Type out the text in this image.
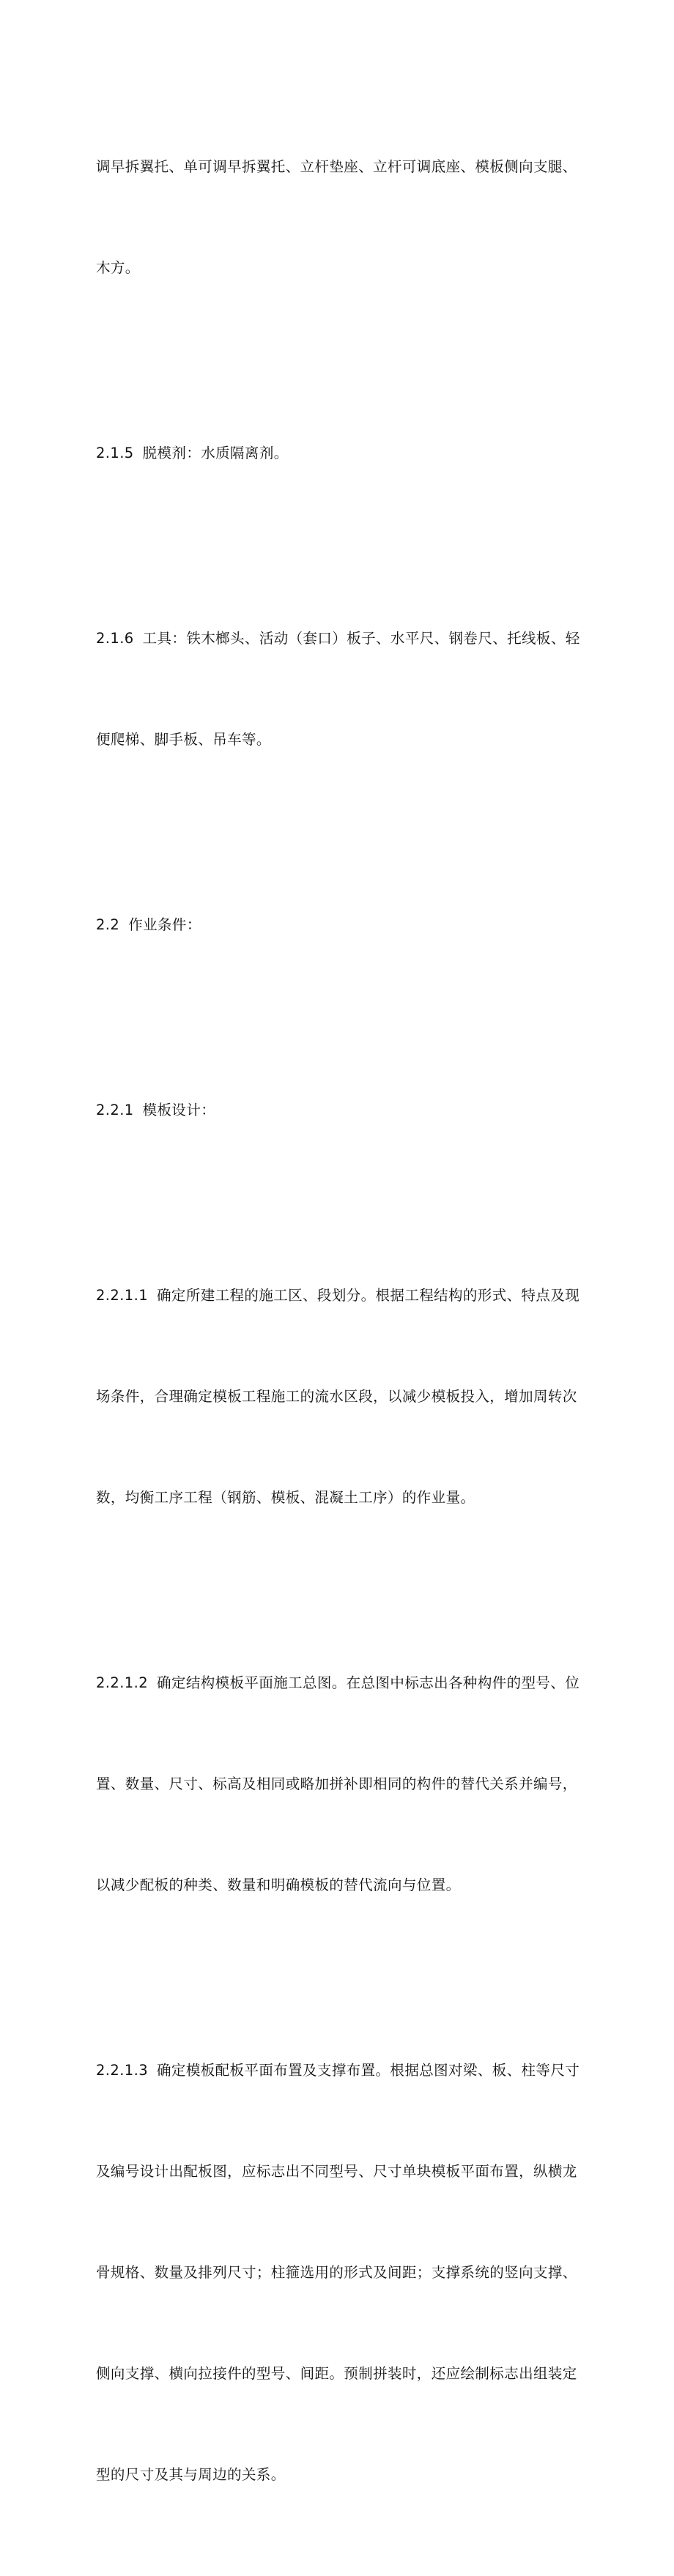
调早拆翼托、单可调早拆翼托、立杆垫座、立杆可调底座、模板侧向支腿、

木方。

2.1.5 脱模剂：水质隔离剂。

2.1.6 工具：铁木榔头、活动（套口）板子、水平尺、钢卷尺、托线板、轻

便爬梯、脚手板、吊车等。

2.2 作业条件：

2.2.1 模板设计：

2.2.1.1 确定所建工程的施工区、段划分。根据工程结构的形式、特点及现

场条件，合理确定模板工程施工的流水区段，以减少模板投入，增加周转次

数，均衡工序工程（钢筋、模板、混凝土工序）的作业量。

2.2.1.2 确定结构模板平面施工总图。在总图中标志出各种构件的型号、位

置、数量、尺寸、标高及相同或略加拼补即相同的构件的替代关系并编号，

以减少配板的种类、数量和明确模板的替代流向与位置。

2.2.1.3 确定模板配板平面布置及支撑布置。根据总图对梁、板、柱等尺寸

及编号设计出配板图，应标志出不同型号、尺寸单块模板平面布置，纵横龙

骨规格、数量及排列尺寸；柱箍选用的形式及间距；支撑系统的竖向支撑、

侧向支撑、横向拉接件的型号、间距。预制拼装时，还应绘制标志出组装定

型的尺寸及其与周边的关系。
